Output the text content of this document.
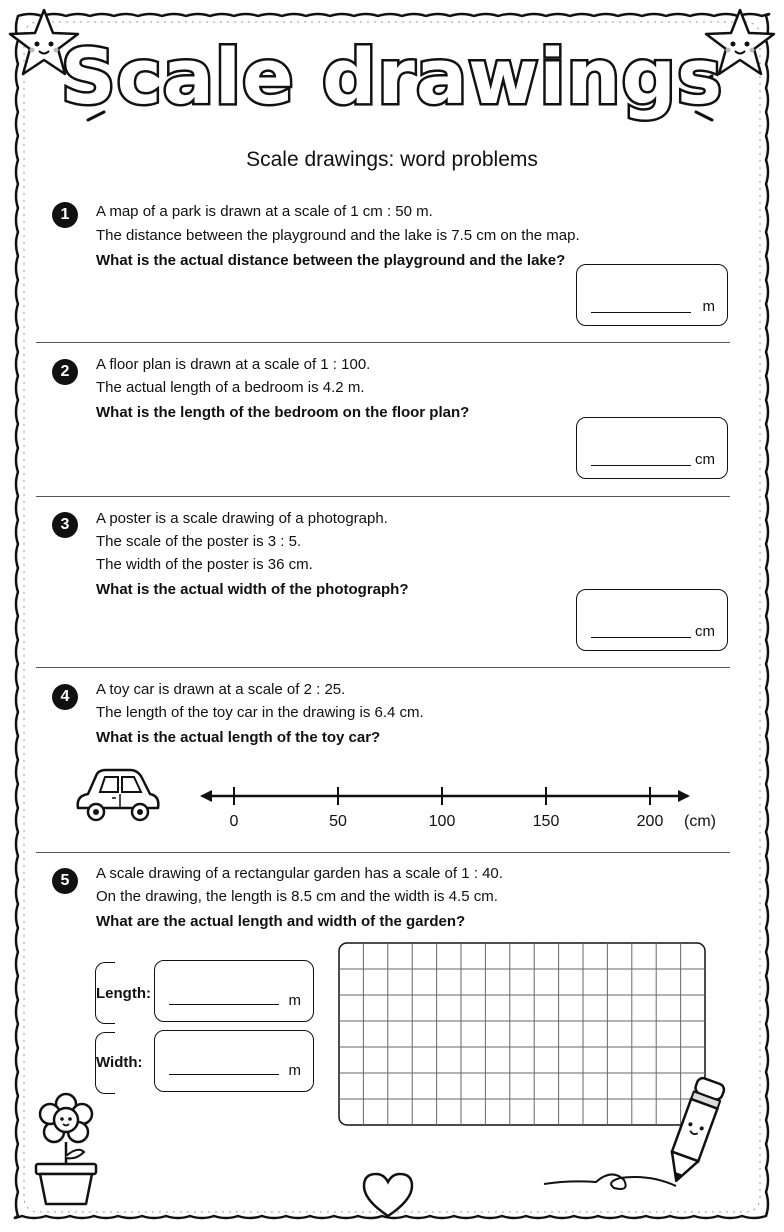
Scale drawings
Scale drawings: word problems
1	A map of a park is drawn at a scale of 1 cm : 50 m.
The distance between the playground and the lake is 7.5 cm on the map.
What is the actual distance between the playground and the lake?
m
2	A floor plan is drawn at a scale of 1 : 100.
The actual length of a bedroom is 4.2 m.
What is the length of the bedroom on the floor plan?
cm
3	A poster is a scale drawing of a photograph.
The scale of the poster is 3 : 5.
The width of the poster is 36 cm.
What is the actual width of the photograph?
cm
4	A toy car is drawn at a scale of 2 : 25.
The length of the toy car in the drawing is 6.4 cm.
What is the actual length of the toy car?
0	50	100	150	200 (cm)
5	A scale drawing of a rectangular garden has a scale of 1 : 40.
On the drawing, the length is 8.5 cm and the width is 4.5 cm.
What are the actual length and width of the garden?
Length:	m
Width:	m
